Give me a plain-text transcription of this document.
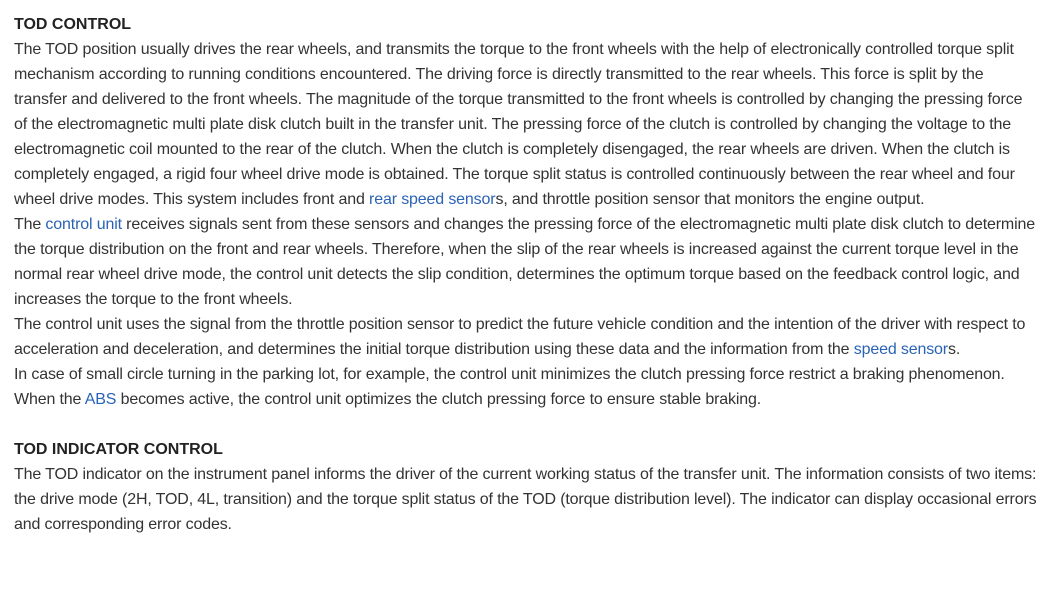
TOD CONTROL

The TOD position usually drives the rear wheels, and transmits the torque to the front wheels with the help of electronically controlled torque split mechanism according to running conditions encountered. The driving force is directly transmitted to the rear wheels. This force is split by the transfer and delivered to the front wheels. The magnitude of the torque transmitted to the front wheels is controlled by changing the pressing force of the electromagnetic multi plate disk clutch built in the transfer unit. The pressing force of the clutch is controlled by changing the voltage to the electromagnetic coil mounted to the rear of the clutch. When the clutch is completely disengaged, the rear wheels are driven. When the clutch is completely engaged, a rigid four wheel drive mode is obtained. The torque split status is controlled continuously between the rear wheel and four wheel drive modes. This system includes front and rear speed sensors, and throttle position sensor that monitors the engine output.

The control unit receives signals sent from these sensors and changes the pressing force of the electromagnetic multi plate disk clutch to determine the torque distribution on the front and rear wheels. Therefore, when the slip of the rear wheels is increased against the current torque level in the normal rear wheel drive mode, the control unit detects the slip condition, determines the optimum torque based on the feedback control logic, and increases the torque to the front wheels.

The control unit uses the signal from the throttle position sensor to predict the future vehicle condition and the intention of the driver with respect to acceleration and deceleration, and determines the initial torque distribution using these data and the information from the speed sensors.

In case of small circle turning in the parking lot, for example, the control unit minimizes the clutch pressing force restrict a braking phenomenon. When the ABS becomes active, the control unit optimizes the clutch pressing force to ensure stable braking.

TOD INDICATOR CONTROL

The TOD indicator on the instrument panel informs the driver of the current working status of the transfer unit. The information consists of two items: the drive mode (2H, TOD, 4L, transition) and the torque split status of the TOD (torque distribution level). The indicator can display occasional errors and corresponding error codes.
